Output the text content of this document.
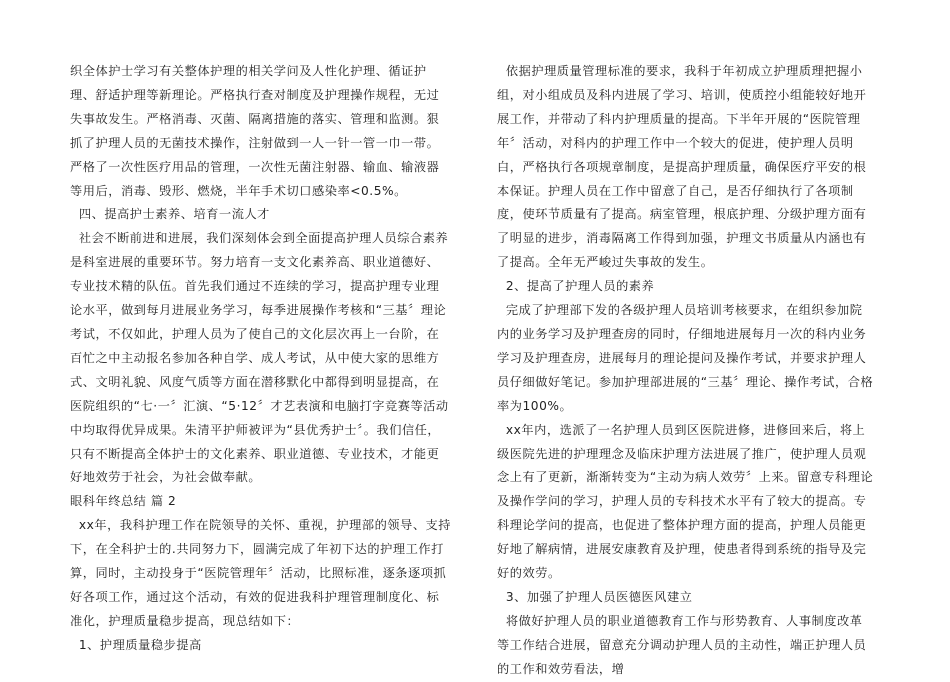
织全体护士学习有关整体护理的相关学问及人性化护理、循证护理、舒适护理等新理论。严格执行查对制度及护理操作规程，无过失事故发生。严格消毒、灭菌、隔离措施的落实、管理和监测。狠抓了护理人员的无菌技术操作，注射做到一人一针一管一巾一带。严格了一次性医疗用品的管理，一次性无菌注射器、输血、输液器等用后，消毒、毁形、燃烧，半年手术切口感染率<0.5%。

四、提高护士素养、培育一流人才

社会不断前进和进展，我们深刻体会到全面提高护理人员综合素养是科室进展的重要环节。努力培育一支文化素养高、职业道德好、专业技术精的队伍。首先我们通过不连续的学习，提高护理专业理论水平，做到每月进展业务学习，每季进展操作考核和“三基〞理论考试，不仅如此，护理人员为了使自己的文化层次再上一台阶，在百忙之中主动报名参加各种自学、成人考试，从中使大家的思维方式、文明礼貌、风度气质等方面在潜移默化中都得到明显提高，在医院组织的“七·一〞汇演、“5·12〞才艺表演和电脑打字竞赛等活动中均取得优异成果。朱清平护师被评为“县优秀护士〞。我们信任，只有不断提高全体护士的文化素养、职业道德、专业技术，才能更好地效劳于社会，为社会做奉献。

眼科年终总结 篇 2

xx年，我科护理工作在院领导的关怀、重视，护理部的领导、支持下，在全科护士的.共同努力下，圆满完成了年初下达的护理工作打算，同时，主动投身于“医院管理年〞活动，比照标准，逐条逐项抓好各项工作，通过这个活动，有效的促进我科护理管理制度化、标准化，护理质量稳步提高，现总结如下：

1、护理质量稳步提高

依据护理质量管理标准的要求，我科于年初成立护理质理把握小组，对小组成员及科内进展了学习、培训，使质控小组能较好地开展工作，并带动了科内护理质量的提高。下半年开展的“医院管理年〞活动，对科内的护理工作中一个较大的促进，使护理人员明白，严格执行各项规章制度，是提高护理质量，确保医疗平安的根本保证。护理人员在工作中留意了自己，是否仔细执行了各项制度，使环节质量有了提高。病室管理，根底护理、分级护理方面有了明显的进步，消毒隔离工作得到加强，护理文书质量从内涵也有了提高。全年无严峻过失事故的发生。

2、提高了护理人员的素养

完成了护理部下发的各级护理人员培训考核要求，在组织参加院内的业务学习及护理查房的同时，仔细地进展每月一次的科内业务学习及护理查房，进展每月的理论提问及操作考试，并要求护理人员仔细做好笔记。参加护理部进展的“三基〞理论、操作考试，合格率为100%。

xx年内，选派了一名护理人员到区医院进修，进修回来后，将上级医院先进的护理理念及临床护理方法进展了推广，使护理人员观念上有了更新，渐渐转变为“主动为病人效劳〞上来。留意专科理论及操作学问的学习，护理人员的专科技术水平有了较大的提高。专科理论学问的提高，也促进了整体护理方面的提高，护理人员能更好地了解病情，进展安康教育及护理，使患者得到系统的指导及完好的效劳。

3、加强了护理人员医德医风建立

将做好护理人员的职业道德教育工作与形势教育、人事制度改革等工作结合进展，留意充分调动护理人员的主动性，端正护理人员的工作和效劳看法，增
